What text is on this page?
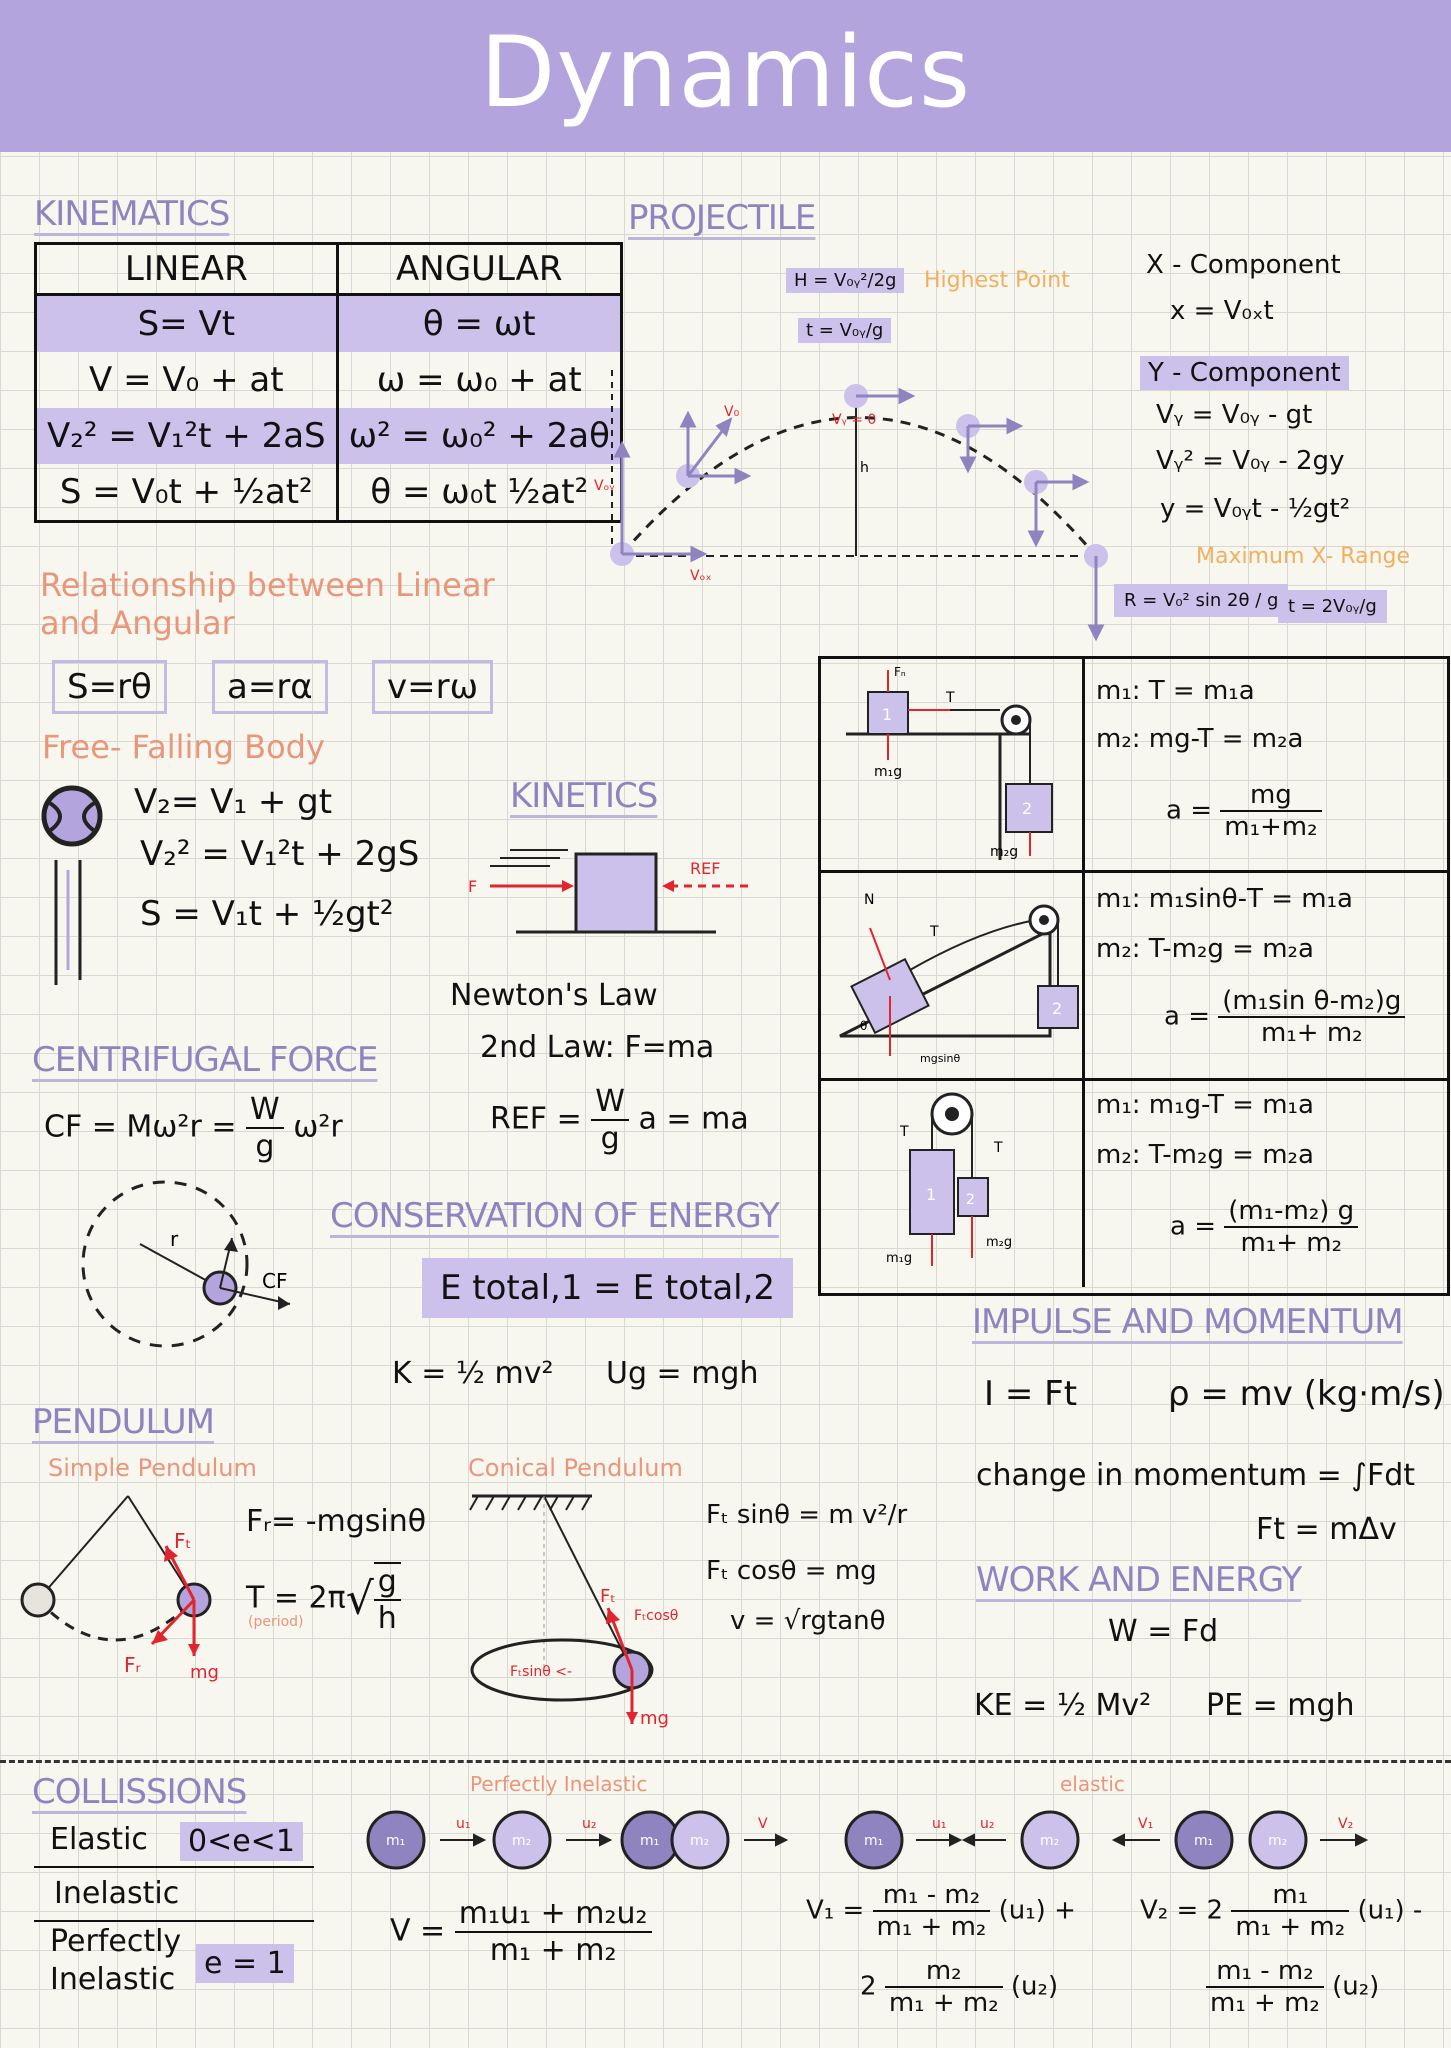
Dynamics
KINEMATICS
LINEAR	ANGULAR
S= Vt	θ = ωt
V = V₀ + at	ω = ω₀ + at
V₂² = V₁²t + 2aS	ω² = ω₀² + 2aθ
S = V₀t + ½at²	θ = ω₀t ½at²
Relationship between Linear
and Angular
S=rθ	a=rα	v=rω
Free- Falling Body
V₂= V₁ + gt
V₂² = V₁²t + 2gS
S = V₁t + ½gt²
CENTRIFUGAL FORCE
CF = $M\omega^2r = \frac{W}{g} \omega^2r$
r
CF
PENDULUM
Simple Pendulum
Fₜ
Fᵣ	mg
Fᵣ= -mgsinθ
$T = 2\pi√ \frac{g}{h}$
(period)
Conical Pendulum
Fₜ
Fₜcosθ
Fₜsinθ <-
mg
Fₜ sinθ = m v²/r
Fₜ cosθ = mg
v = √rgtanθ
PROJECTILE
H = V₀ᵧ²/2g
t = V₀ᵧ/g
Highest Point
X - Component
x = V₀ₓt
Y - Component
Vᵧ = V₀ᵧ - gt
Vᵧ² = V₀ᵧ - 2gy
y = V₀ᵧt - ½gt²
Maximum X- Range
R = V₀² sin 2θ / g t = 2V₀ᵧ/g
Vₒᵧ
Vₒₓ
V₀	Vᵧ = 0
h
KINETICS
F
REF
Newton's Law
2nd Law: F=ma
REF = $\frac{W}{g}$ a = ma
CONSERVATION OF ENERGY
E total,1 = E total,2
K = ½ mv² Ug = mgh
1
2
Fₙ
T
m₁g
m₂g
m₁: T = m₁a
m₂: mg-T = m₂a
$a = \frac{mg}{\text{m₁+m₂}}$
2
N
T
θ
mgsinθ
m₁: m₁sinθ-T = m₁a
m₂: T-m₂g = m₂a
$a = \frac{\text{(m₁sin θ-m₂)g}}{\text{m₁+ m₂}}$
1 2
T
T
m₁g
m₂g
m₁: m₁g-T = m₁a
m₂: T-m₂g = m₂a
$a = \frac{\text{(m₁-m₂) g}}{\text{m₁+ m₂}}$
IMPULSE AND MOMENTUM
I = Ft	ρ = mv (kg·m/s)
change in momentum = ∫Fdt
Ft = mΔv
WORK AND ENERGY
W = Fd
KE = ½ Mv² PE = mgh
COLLISSIONS
Elastic 0<e<1
Inelastic
Perfectly
Inelastic e = 1
Perfectly Inelastic	elastic
m₁	m₂	m₁ m₂	m₁	m₂	m₁	m₂
u₁	u₂	V	u₁ u₂	V₁	V₂
$V = \frac{\text{m₁u₁ + m₂u₂}}{\text{m₁ + m₂}}$	$V_1 = \frac{\text{m₁ - m₂}}{\text{m₁ + m₂}} (u_1)$ +
$2 \frac{\text{m₂}}{\text{m₁ + m₂}} (u_2)$
$V_2 = 2 \frac{\text{m₁}}{\text{m₁ + m₂}} (u_1)$ -
$\frac{\text{m₁ - m₂}}{\text{m₁ + m₂}} (u_2)$
